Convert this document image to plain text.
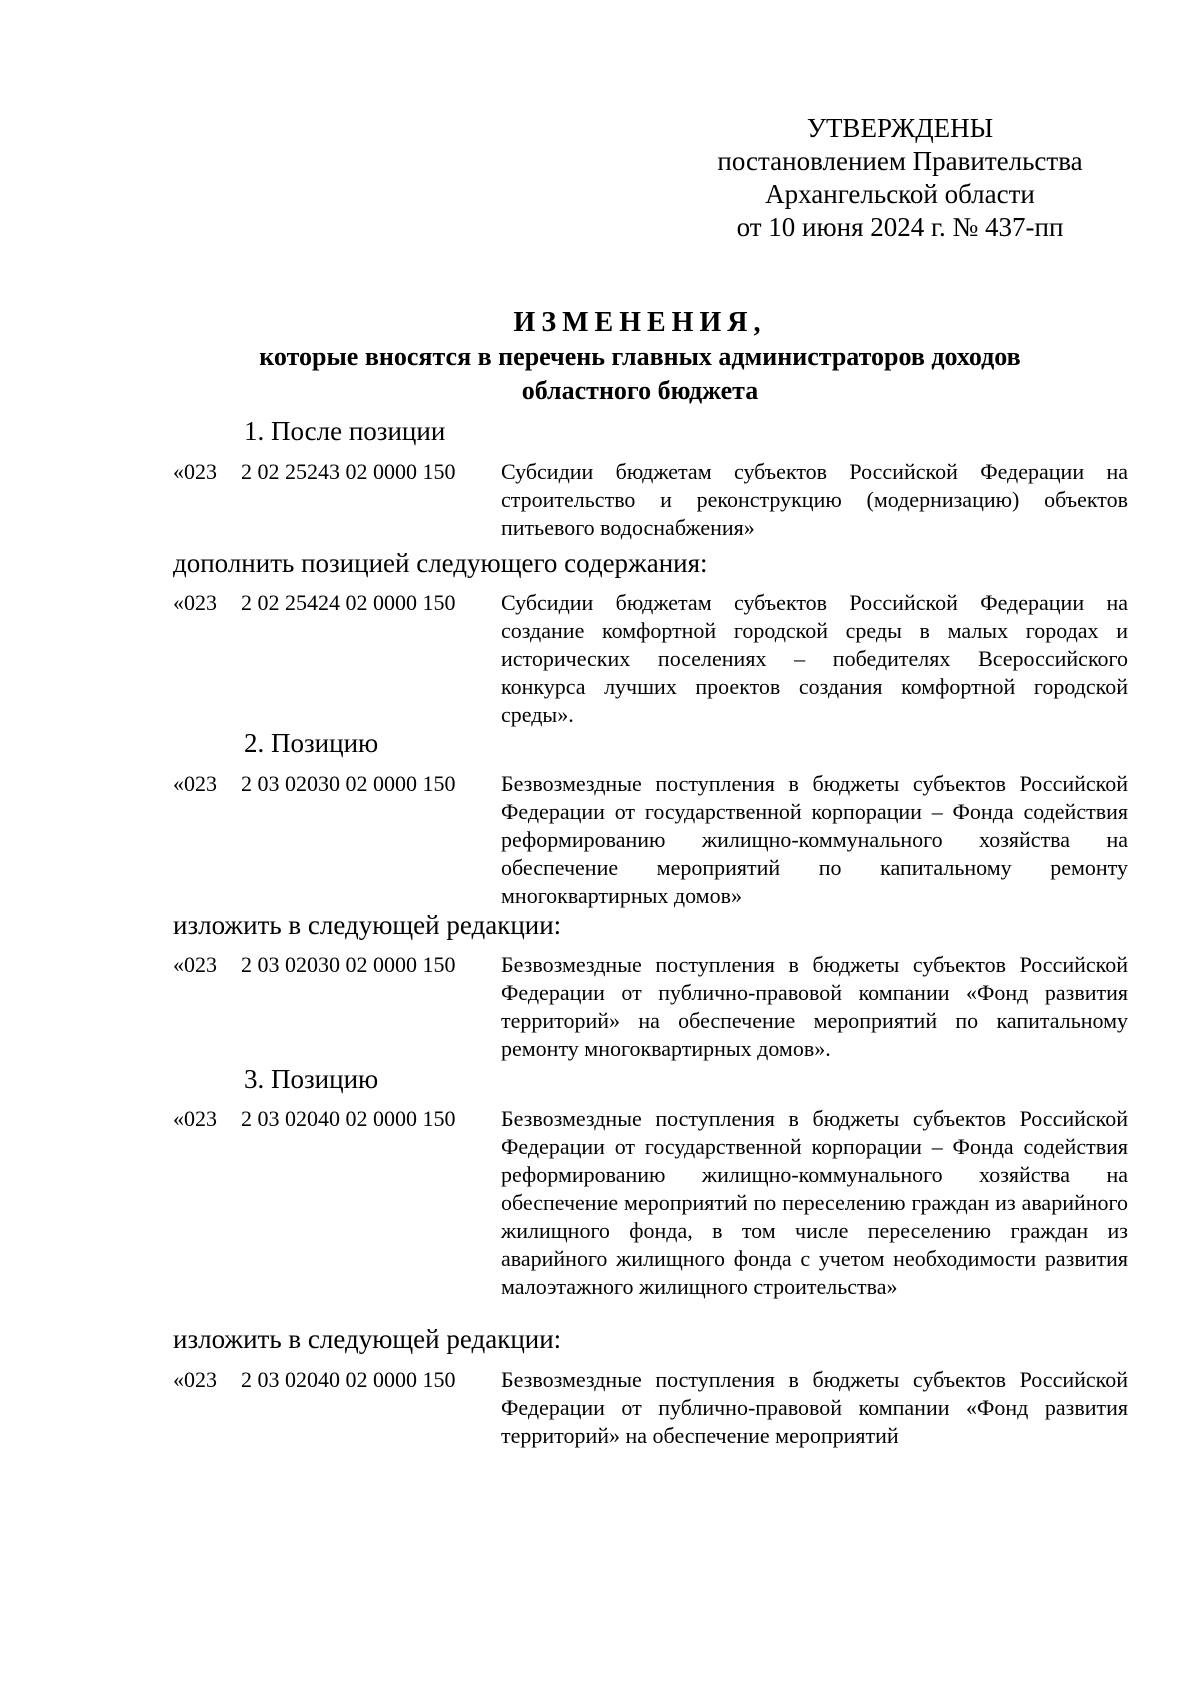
УТВЕРЖДЕНЫ
постановлением Правительства
Архангельской области
от 10 июня 2024 г. № 437-пп
ИЗМЕНЕНИЯ,
которые вносятся в перечень главных администраторов доходов
областного бюджета
1. После позиции
«023 2 02 25243 02 0000 150 Субсидии бюджетам субъектов Российской Федерации на строительство и реконструкцию (модернизацию) объектов питьевого водоснабжения»
дополнить позицией следующего содержания:
«023 2 02 25424 02 0000 150 Субсидии бюджетам субъектов Российской Федерации на создание комфортной городской среды в малых городах и исторических поселениях – победителях Всероссийского конкурса лучших проектов создания комфортной городской среды».
2. Позицию
«023 2 03 02030 02 0000 150 Безвозмездные поступления в бюджеты субъектов Российской Федерации от государственной корпорации – Фонда содействия реформированию жилищно-коммунального хозяйства на обеспечение мероприятий по капитальному ремонту многоквартирных домов»
изложить в следующей редакции:
«023 2 03 02030 02 0000 150 Безвозмездные поступления в бюджеты субъектов Российской Федерации от публично-правовой компании «Фонд развития территорий» на обеспечение мероприятий по капитальному ремонту многоквартирных домов».
3. Позицию
«023 2 03 02040 02 0000 150 Безвозмездные поступления в бюджеты субъектов Российской Федерации от государственной корпорации – Фонда содействия реформированию жилищно-коммунального хозяйства на обеспечение мероприятий по переселению граждан из аварийного жилищного фонда, в том числе переселению граждан из аварийного жилищного фонда с учетом необходимости развития малоэтажного жилищного строительства»
изложить в следующей редакции:
«023 2 03 02040 02 0000 150 Безвозмездные поступления в бюджеты субъектов Российской Федерации от публично-правовой компании «Фонд развития территорий» на обеспечение мероприятий
